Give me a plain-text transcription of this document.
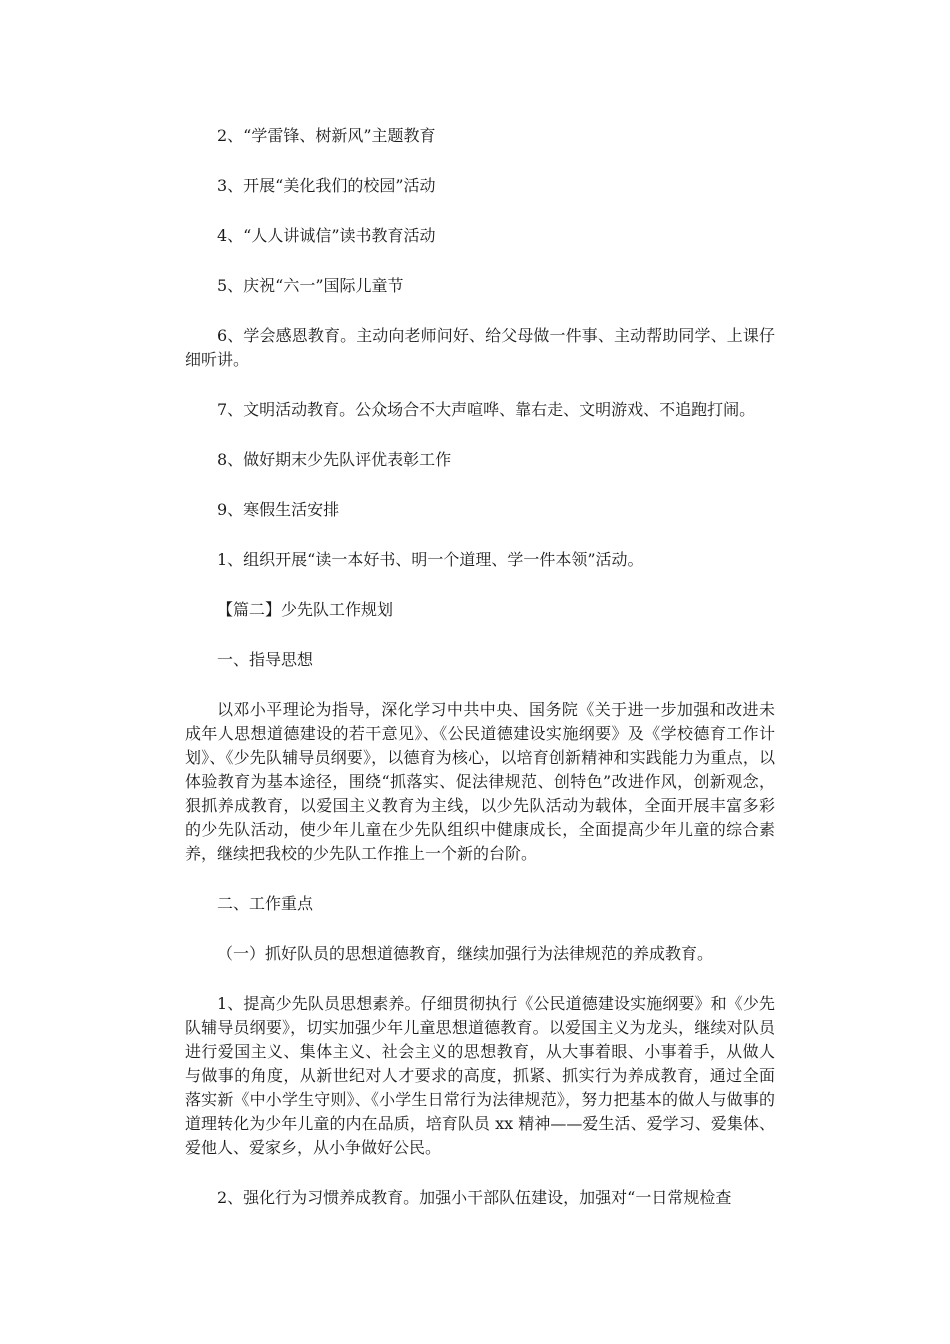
2、“学雷锋、树新风”主题教育

3、开展“美化我们的校园”活动

4、“人人讲诚信”读书教育活动

5、庆祝“六一”国际儿童节

6、学会感恩教育。主动向老师问好、给父母做一件事、主动帮助同学、上课仔细听讲。

7、文明活动教育。公众场合不大声喧哗、靠右走、文明游戏、不追跑打闹。

8、做好期末少先队评优表彰工作

9、寒假生活安排

1、组织开展“读一本好书、明一个道理、学一件本领”活动。

【篇二】少先队工作规划

一、指导思想

以邓小平理论为指导，深化学习中共中央、国务院《关于进一步加强和改进未成年人思想道德建设的若干意见》、《公民道德建设实施纲要》及《学校德育工作计划》、《少先队辅导员纲要》，以德育为核心，以培育创新精神和实践能力为重点，以体验教育为基本途径，围绕“抓落实、促法律规范、创特色”改进作风，创新观念，狠抓养成教育，以爱国主义教育为主线，以少先队活动为载体，全面开展丰富多彩的少先队活动，使少年儿童在少先队组织中健康成长，全面提高少年儿童的综合素养，继续把我校的少先队工作推上一个新的台阶。

二、工作重点

（一）抓好队员的思想道德教育，继续加强行为法律规范的养成教育。

1、提高少先队员思想素养。仔细贯彻执行《公民道德建设实施纲要》和《少先队辅导员纲要》，切实加强少年儿童思想道德教育。以爱国主义为龙头，继续对队员进行爱国主义、集体主义、社会主义的思想教育，从大事着眼、小事着手，从做人与做事的角度，从新世纪对人才要求的高度，抓紧、抓实行为养成教育，通过全面落实新《中小学生守则》、《小学生日常行为法律规范》，努力把基本的做人与做事的道理转化为少年儿童的内在品质，培育队员 xx 精神——爱生活、爱学习、爱集体、爱他人、爱家乡，从小争做好公民。

2、强化行为习惯养成教育。加强小干部队伍建设，加强对“一日常规检查
